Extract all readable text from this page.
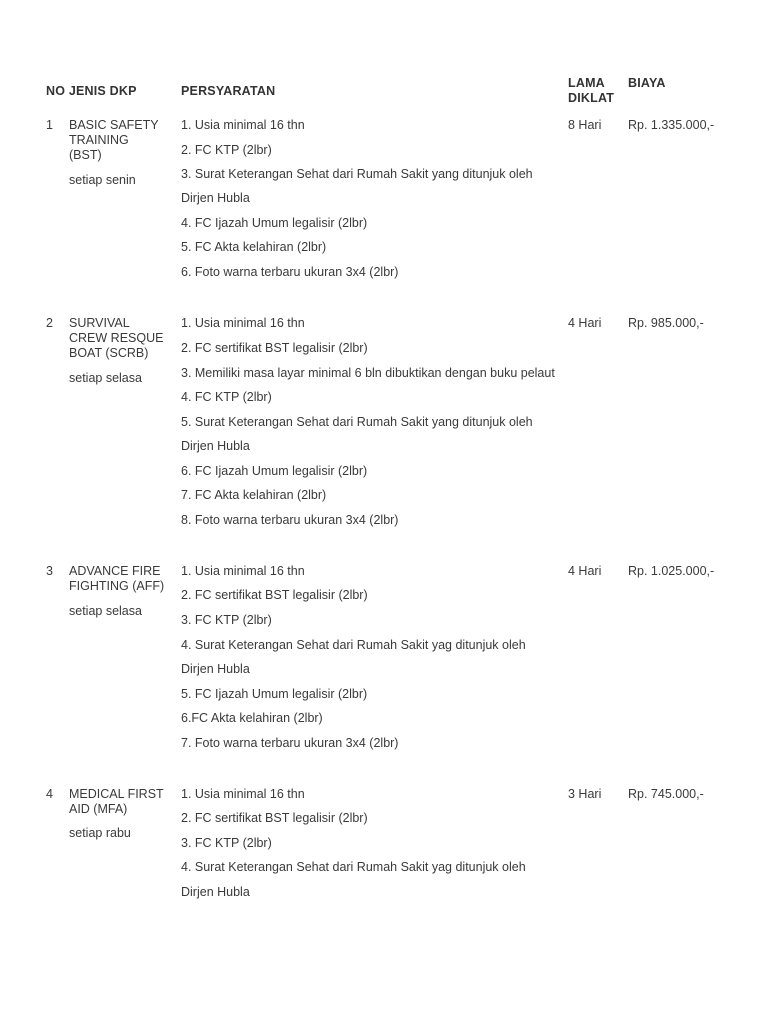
NO JENIS DKP	PERSYARATAN
LAMA
DIKLAT
BIAYA
1 BASIC SAFETY
TRAINING
(BST)
setiap senin
1. Usia minimal 16 thn
2. FC KTP (2lbr)
3. Surat Keterangan Sehat dari Rumah Sakit yang ditunjuk oleh
Dirjen Hubla
4. FC Ijazah Umum legalisir (2lbr)
5. FC Akta kelahiran (2lbr)
6. Foto warna terbaru ukuran 3x4 (2lbr)
8 Hari Rp. 1.335.000,-
2 SURVIVAL
CREW RESQUE
BOAT (SCRB)
setiap selasa
1. Usia minimal 16 thn
2. FC sertifikat BST legalisir (2lbr)
3. Memiliki masa layar minimal 6 bln dibuktikan dengan buku pelaut
4. FC KTP (2lbr)
5. Surat Keterangan Sehat dari Rumah Sakit yang ditunjuk oleh
Dirjen Hubla
6. FC Ijazah Umum legalisir (2lbr)
7. FC Akta kelahiran (2lbr)
8. Foto warna terbaru ukuran 3x4 (2lbr)
4 Hari Rp. 985.000,-
3 ADVANCE FIRE
FIGHTING (AFF)
setiap selasa
1. Usia minimal 16 thn
2. FC sertifikat BST legalisir (2lbr)
3. FC KTP (2lbr)
4. Surat Keterangan Sehat dari Rumah Sakit yag ditunjuk oleh
Dirjen Hubla
5. FC Ijazah Umum legalisir (2lbr)
6.FC Akta kelahiran (2lbr)
7. Foto warna terbaru ukuran 3x4 (2lbr)
4 Hari Rp. 1.025.000,-
4 MEDICAL FIRST
AID (MFA)
setiap rabu
1. Usia minimal 16 thn
2. FC sertifikat BST legalisir (2lbr)
3. FC KTP (2lbr)
4. Surat Keterangan Sehat dari Rumah Sakit yag ditunjuk oleh
Dirjen Hubla
3 Hari Rp. 745.000,-
